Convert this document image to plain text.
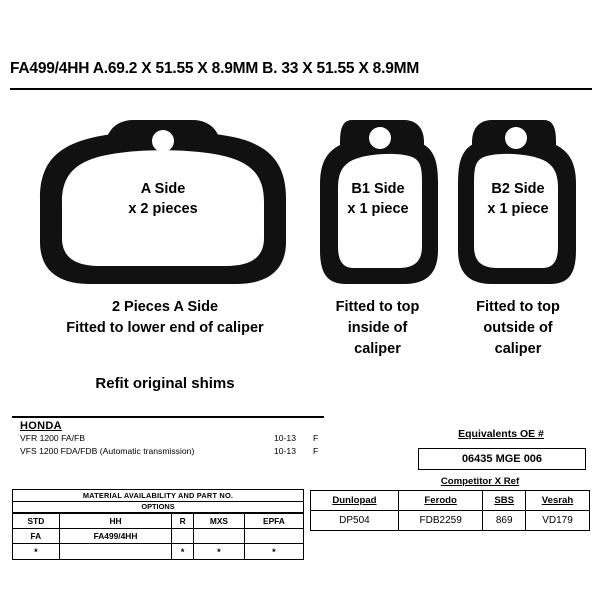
FA499/4HH A.69.2 X 51.55 X 8.9MM B. 33 X 51.55 X 8.9MM
A Side
x 2 pieces
B1 Side
x 1 piece
B2 Side
x 1 piece
2 Pieces A Side
Fitted to lower end of caliper
Fitted to top
inside of
caliper
Fitted to top
outside of
caliper
Refit original shims
HONDA
VFR 1200 FA/FB	10-13 F
VFS 1200 FDA/FDB (Automatic transmission)	10-13 F
MATERIAL AVAILABILITY AND PART NO.
OPTIONS
STD	HH	R	MXS	EPFA
FA	FA499/4HH			
*		*	*	*
Equivalents OE #
06435 MGE 006
Competitor X Ref
Dunlopad	Ferodo	SBS	Vesrah
DP504	FDB2259	869	VD179
